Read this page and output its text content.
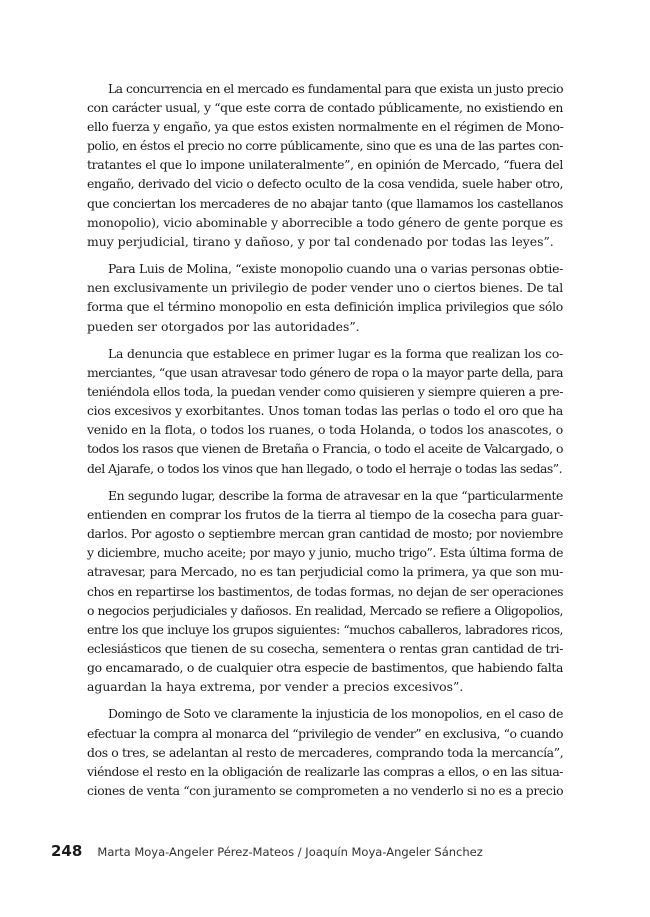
La concurrencia en el mercado es fundamental para que exista un justo precio
con carácter usual, y “que este corra de contado públicamente, no existiendo en
ello fuerza y engaño, ya que estos existen normalmente en el régimen de Mono-
polio, en éstos el precio no corre públicamente, sino que es una de las partes con-
tratantes el que lo impone unilateralmente”, en opinión de Mercado, “fuera del
engaño, derivado del vicio o defecto oculto de la cosa vendida, suele haber otro,
que conciertan los mercaderes de no abajar tanto (que llamamos los castellanos
monopolio), vicio abominable y aborrecible a todo género de gente porque es
muy perjudicial, tirano y dañoso, y por tal condenado por todas las leyes”.
Para Luis de Molina, “existe monopolio cuando una o varias personas obtie-
nen exclusivamente un privilegio de poder vender uno o ciertos bienes. De tal
forma que el término monopolio en esta definición implica privilegios que sólo
pueden ser otorgados por las autoridades”.
La denuncia que establece en primer lugar es la forma que realizan los co-
merciantes, “que usan atravesar todo género de ropa o la mayor parte della, para
teniéndola ellos toda, la puedan vender como quisieren y siempre quieren a pre-
cios excesivos y exorbitantes. Unos toman todas las perlas o todo el oro que ha
venido en la flota, o todos los ruanes, o toda Holanda, o todos los anascotes, o
todos los rasos que vienen de Bretaña o Francia, o todo el aceite de Valcargado, o
del Ajarafe, o todos los vinos que han llegado, o todo el herraje o todas las sedas”.
En segundo lugar, describe la forma de atravesar en la que “particularmente
entienden en comprar los frutos de la tierra al tiempo de la cosecha para guar-
darlos. Por agosto o septiembre mercan gran cantidad de mosto; por noviembre
y diciembre, mucho aceite; por mayo y junio, mucho trigo”. Esta última forma de
atravesar, para Mercado, no es tan perjudicial como la primera, ya que son mu-
chos en repartirse los bastimentos, de todas formas, no dejan de ser operaciones
o negocios perjudiciales y dañosos. En realidad, Mercado se refiere a Oligopolios,
entre los que incluye los grupos siguientes: “muchos caballeros, labradores ricos,
eclesiásticos que tienen de su cosecha, sementera o rentas gran cantidad de tri-
go encamarado, o de cualquier otra especie de bastimentos, que habiendo falta
aguardan la haya extrema, por vender a precios excesivos”.
Domingo de Soto ve claramente la injusticia de los monopolios, en el caso de
efectuar la compra al monarca del “privilegio de vender” en exclusiva, “o cuando
dos o tres, se adelantan al resto de mercaderes, comprando toda la mercancía”,
viéndose el resto en la obligación de realizarle las compras a ellos, o en las situa-
ciones de venta “con juramento se comprometen a no venderlo si no es a precio
248 Marta Moya-Angeler Pérez-Mateos / Joaquín Moya-Angeler Sánchez
